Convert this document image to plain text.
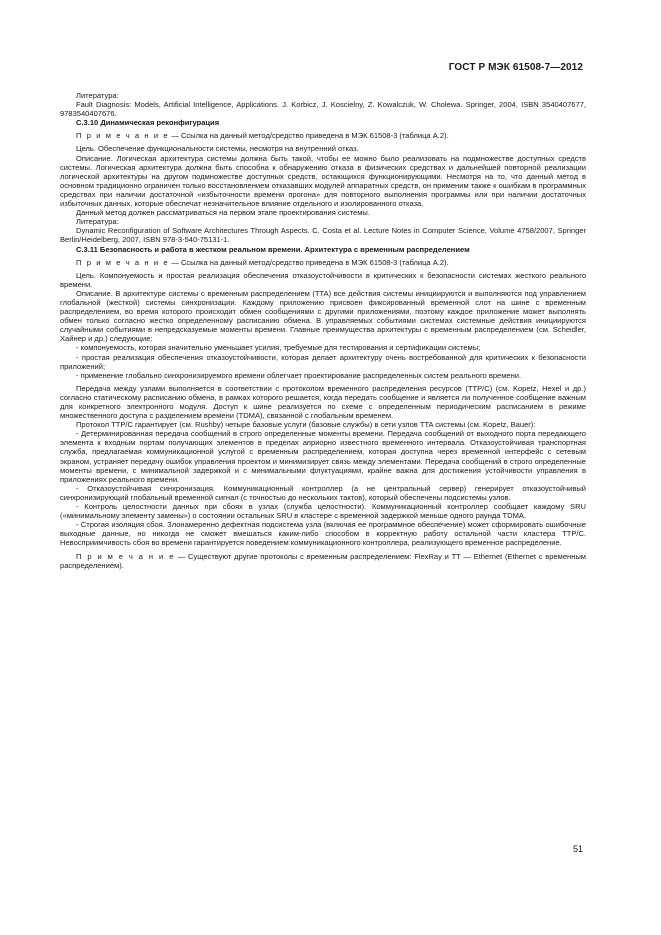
ГОСТ Р МЭК 61508-7—2012

Литература:

Fault Diagnosis: Models, Artificial Intelligence, Applications. J. Korbicz, J. Koscielny, Z. Kowalczuk, W. Cholewa. Springer, 2004, ISBN 3540407677, 9783540407676.

C.3.10 Динамическая реконфигурация

П р и м е ч а н и е — Ссылка на данный метод/средство приведена в МЭК 61508-3 (таблица А.2).

Цель. Обеспечение функциональности системы, несмотря на внутренний отказ.

Описание. Логическая архитектура системы должна быть такой, чтобы ее можно было реализовать на подмножестве доступных средств системы. Логическая архитектура должна быть способна к обнаружению отказа в физических средствах и дальнейшей повторной реализации логической архитектуры на другом подмножестве доступных средств, остающихся функционирующими. Несмотря на то, что данный метод в основном традиционно ограничен только восстановлением отказавших модулей аппаратных средств, он применим также к ошибкам в программных средствах при наличии достаточной «избыточности времени прогона» для повторного выполнения программы или при наличии достаточных избыточных данных, которые обеспечат незначительное влияние отдельного и изолированного отказа.

Данный метод должен рассматриваться на первом этапе проектирования системы.

Литература:

Dynamic Reconfiguration of Software Architectures Through Aspects. C. Costa et al. Lecture Notes in Computer Science, Volume 4758/2007, Springer Berlin/Heidelberg, 2007, ISBN 978-3-540-75131-1.

C.3.11 Безопасность и работа в жестком реальном времени. Архитектура с временным распределением

П р и м е ч а н и е — Ссылка на данный метод/средство приведена в МЭК 61508-3 (таблица А.2).

Цель. Компонуемость и простая реализация обеспечения отказоустойчивости в критических к безопасности системах жесткого реального времени.

Описание. В архитектуре системы с временным распределением (TTA) все действия системы инициируются и выполняются под управлением глобальной (жесткой) системы синхронизации. Каждому приложению присвоен фиксированный временной слот на шине с временным распределением, во время которого происходит обмен сообщениями с другими приложениями, поэтому каждое приложение может выполнять обмен только согласно жестко определенному расписанию обмена. В управляемых событиями системах системные действия инициируются случайными событиями в непредсказуемые моменты времени. Главные преимущества архитектуры с временным распределением (см. Scheidler, Хайнер и др.) следующие:

- компонуемость, которая значительно уменьшает усилия, требуемые для тестирования и сертификации системы;

- простая реализация обеспечения отказоустойчивости, которая делает архитектуру очень востребованной для критических к безопасности приложений;

- применение глобально синхронизируемого времени облегчает проектирование распределенных систем реального времени.

Передача между узлами выполняется в соответствии с протоколом временного распределения ресурсов (TTP/C) (см. Kopetz, Hexel и др.) согласно статическому расписанию обмена, в рамках которого решается, когда передать сообщение и является ли полученное сообщение важным для конкретного электронного модуля. Доступ к шине реализуется по схеме с определенным периодическим расписанием в режиме множественного доступа с разделением времени (TDMA), связанной с глобальным временем.

Протокол TTP/C гарантирует (см. Rushby) четыре базовые услуги (базовые службы) в сети узлов TTA системы (см. Kopetz, Bauer):

- Детерминированная передача сообщений в строго определенные моменты времени. Передача сообщений от выходного порта передающего элемента к входным портам получающих элементов в пределах априорно известного временного интервала. Отказоустойчивая транспортная служба, предлагаемая коммуникационной услугой с временным распределением, которая доступна через временной интерфейс с сетевым экраном, устраняет передачу ошибок управления проектом и минимизирует связь между элементами. Передача сообщений в строго определенные моменты времени, с минимальной задержкой и с минимальными флуктуациями, крайне важна для достижения устойчивости управления в приложениях реального времени.

- Отказоустойчивая синхронизация. Коммуникационный контроллер (а не центральный сервер) генерирует отказоустойчивый синхронизирующий глобальный временной сигнал (с точностью до нескольких тактов), который обеспечены подсистемы узлов.

- Контроль целостности данных при сбоях в узлах (служба целостности). Коммуникационный контроллер сообщает каждому SRU («минимальному элементу замены») о состоянии остальных SRU в кластере с временной задержкой меньше одного раунда TDMA.

- Строгая изоляция сбоя. Злонамеренно дефектная подсистема узла (включая ее программное обеспечение) может сформировать ошибочные выходные данные, но никогда не сможет вмешаться каким-либо способом в корректную работу остальной части кластера TTP/C. Невосприимчивость сбоя во времени гарантируется поведением коммуникационного контроллера, реализующего временное распределение.

П р и м е ч а н и е — Существуют другие протоколы с временным распределением: FlexRay и TT — Ethernet (Ethernet с временным распределением).

51
